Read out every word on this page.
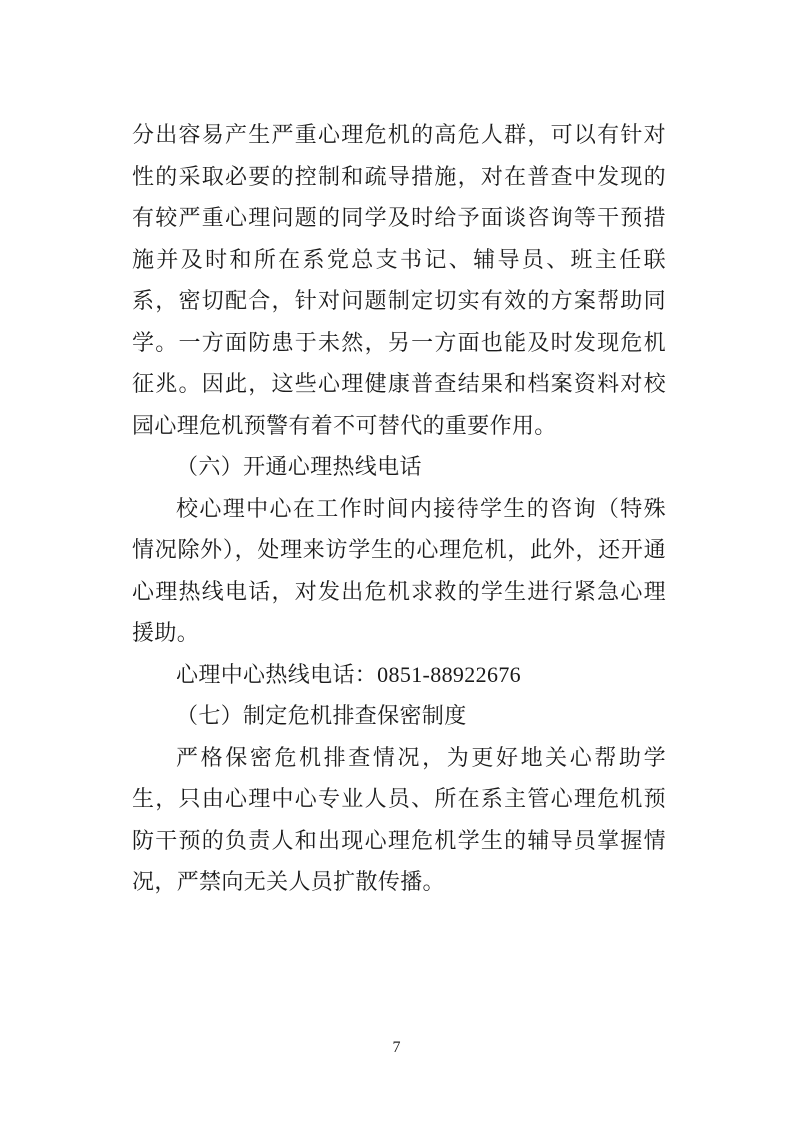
分出容易产生严重心理危机的高危人群，可以有针对性的采取必要的控制和疏导措施，对在普查中发现的有较严重心理问题的同学及时给予面谈咨询等干预措施并及时和所在系党总支书记、辅导员、班主任联系，密切配合，针对问题制定切实有效的方案帮助同学。一方面防患于未然，另一方面也能及时发现危机征兆。因此，这些心理健康普查结果和档案资料对校园心理危机预警有着不可替代的重要作用。

（六）开通心理热线电话

校心理中心在工作时间内接待学生的咨询（特殊情况除外），处理来访学生的心理危机，此外，还开通心理热线电话，对发出危机求救的学生进行紧急心理援助。

心理中心热线电话：0851-88922676

（七）制定危机排查保密制度

严格保密危机排查情况，为更好地关心帮助学生，只由心理中心专业人员、所在系主管心理危机预防干预的负责人和出现心理危机学生的辅导员掌握情况，严禁向无关人员扩散传播。

7
